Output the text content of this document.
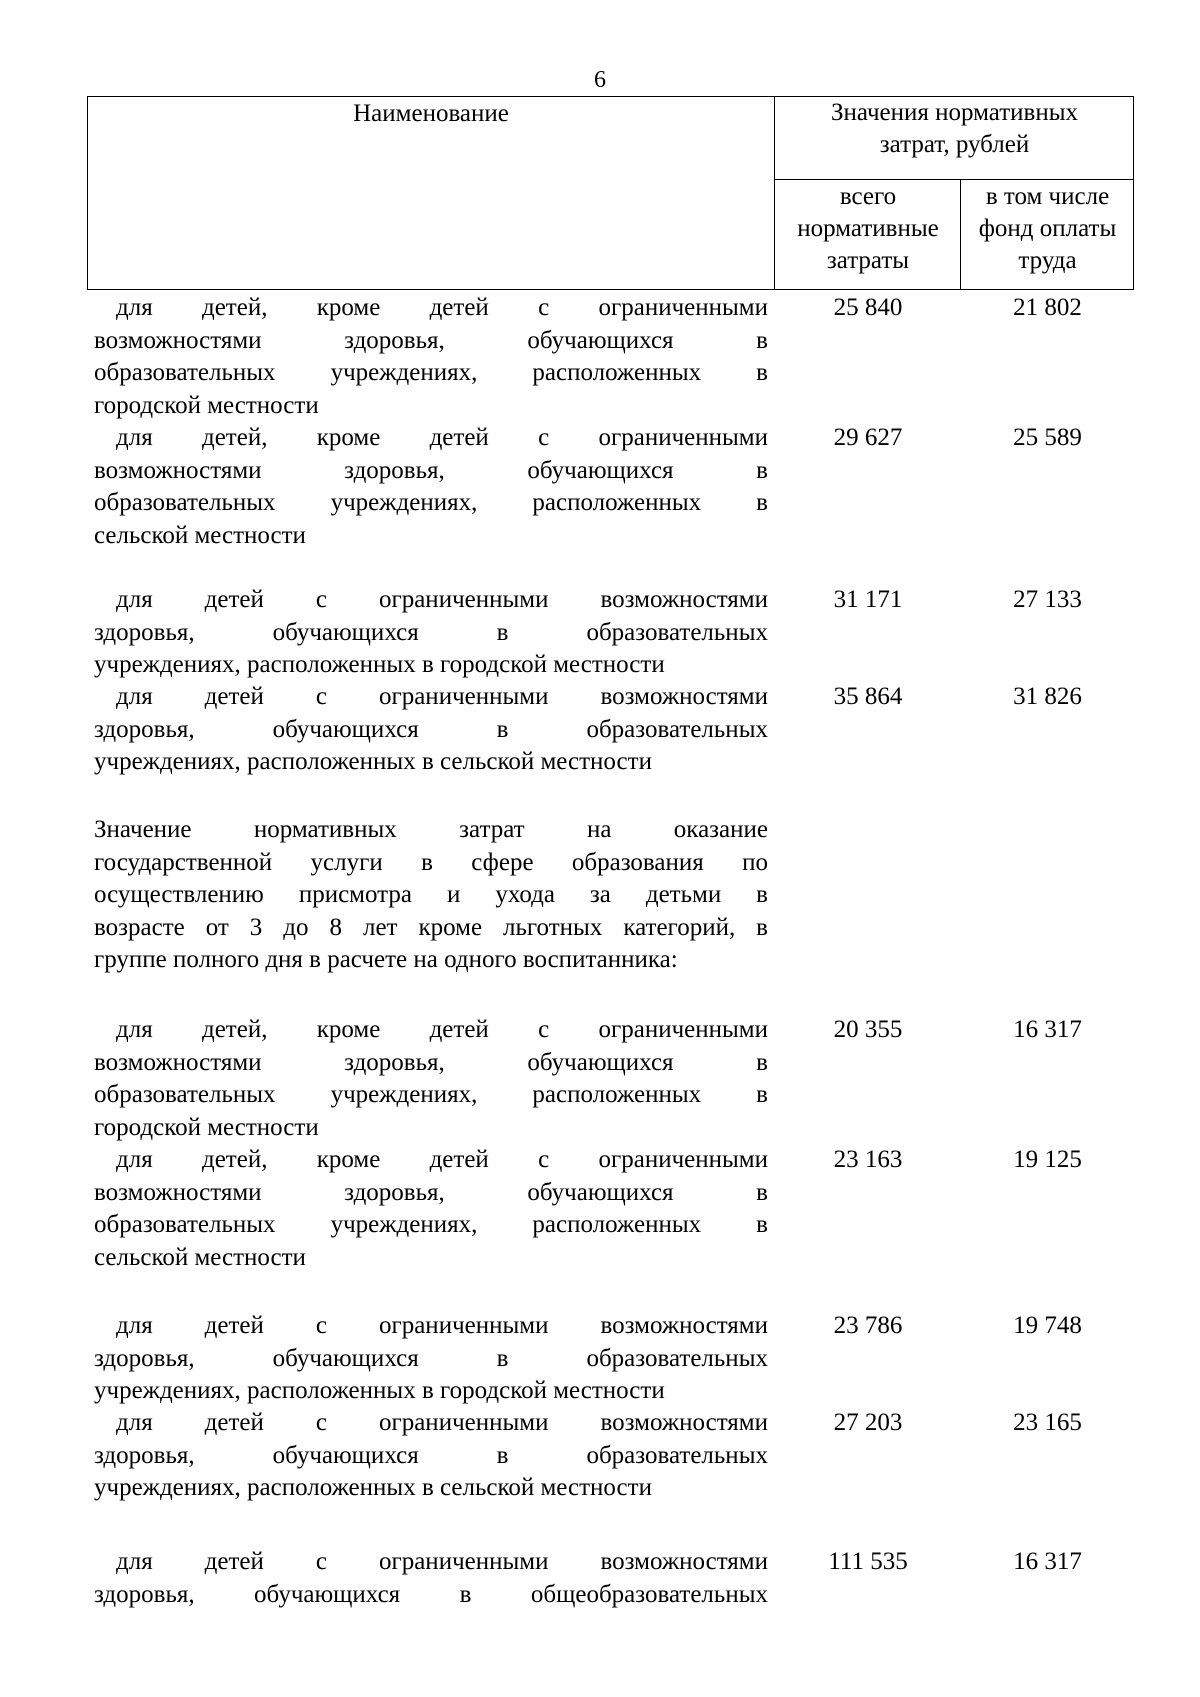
6
Наименование	Значения нормативных
затрат, рублей
всего
нормативные
затраты
в том числе
фонд оплаты
труда
для детей, кроме детей с ограниченными
возможностями здоровья, обучающихся в
образовательных учреждениях, расположенных в
городской местности
25 840	21 802
для детей, кроме детей с ограниченными
возможностями здоровья, обучающихся в
образовательных учреждениях, расположенных в
сельской местности
29 627	25 589
для детей с ограниченными возможностями
здоровья, обучающихся в образовательных
учреждениях, расположенных в городской местности
31 171	27 133
для детей с ограниченными возможностями
здоровья, обучающихся в образовательных
учреждениях, расположенных в сельской местности
35 864	31 826
Значение нормативных затрат на оказание
государственной услуги в сфере образования по
осуществлению присмотра и ухода за детьми в
возрасте от 3 до 8 лет кроме льготных категорий, в
группе полного дня в расчете на одного воспитанника:
для детей, кроме детей с ограниченными
возможностями здоровья, обучающихся в
образовательных учреждениях, расположенных в
городской местности
20 355	16 317
для детей, кроме детей с ограниченными
возможностями здоровья, обучающихся в
образовательных учреждениях, расположенных в
сельской местности
23 163	19 125
для детей с ограниченными возможностями
здоровья, обучающихся в образовательных
учреждениях, расположенных в городской местности
23 786	19 748
для детей с ограниченными возможностями
здоровья, обучающихся в образовательных
учреждениях, расположенных в сельской местности
27 203	23 165
для детей с ограниченными возможностями
здоровья, обучающихся в общеобразовательных
111 535	16 317
